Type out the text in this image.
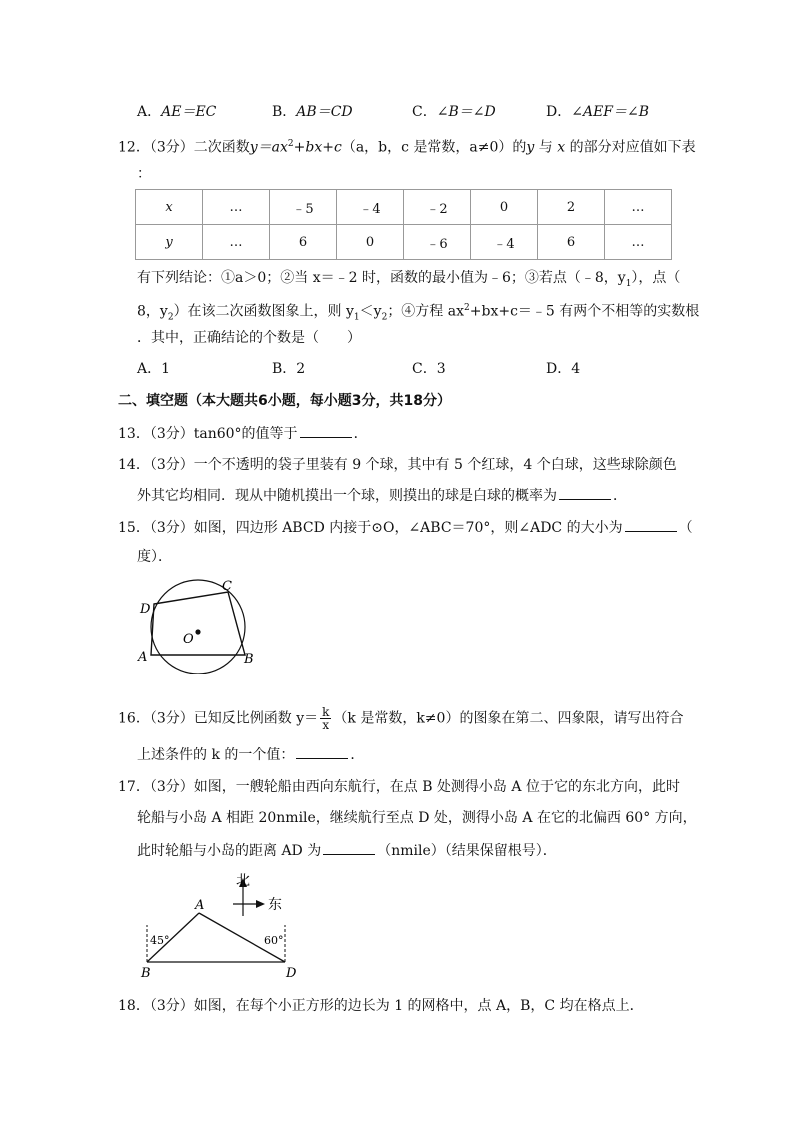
A．AE＝EC	B．AB＝CD	C．∠B＝∠D	D．∠AEF＝∠B
12．（3分）二次函数$y=ax^2+bx+c(a$，b，c 是常数，a≠0）的y 与 x 的部分对应值如下表
：
x	…	﹣5	﹣4	﹣2	0	2	…
y	…	6	0	﹣6	﹣4	6	…
有下列结论：①a＞0；②当 x＝﹣2 时，函数的最小值为﹣6；③若点（﹣8，$y_1$），点（
8，$y_2$）在该二次函数图象上，则 $y_1<y_2$；④方程 $ax^2+bx+c=﹣5$ 有两个不相等的实数根
．其中，正确结论的个数是（　　）
A．1	B．2	C．3	D．4
二、填空题（本大题共6小题，每小题3分，共18分）
13．（3分）tan60°的值等于	．
14．（3分）一个不透明的袋子里装有 9 个球，其中有 5 个红球，4 个白球，这些球除颜色
外其它均相同．现从中随机摸出一个球，则摸出的球是白球的概率为	．
15．（3分）如图，四边形 ABCD 内接于⊙O，∠ABC＝70°，则∠ADC 的大小为	（
度）．
D
C
O
A	B
16．（3分）已知反比例函数 $y= \frac{k}{x} (k$ 是常数，k≠0）的图象在第二、四象限，请写出符合
上述条件的 k 的一个值：	．
17．（3分）如图，一艘轮船由西向东航行，在点 B 处测得小岛 A 位于它的东北方向，此时
轮船与小岛 A 相距 20nmile，继续航行至点 D 处，测得小岛 A 在它的北偏西 60° 方向，
此时轮船与小岛的距离 AD 为	（nmile）（结果保留根号）．
北
东
A
B	D
45°	60°
18．（3分）如图，在每个小正方形的边长为 1 的网格中，点 A，B，C 均在格点上．
